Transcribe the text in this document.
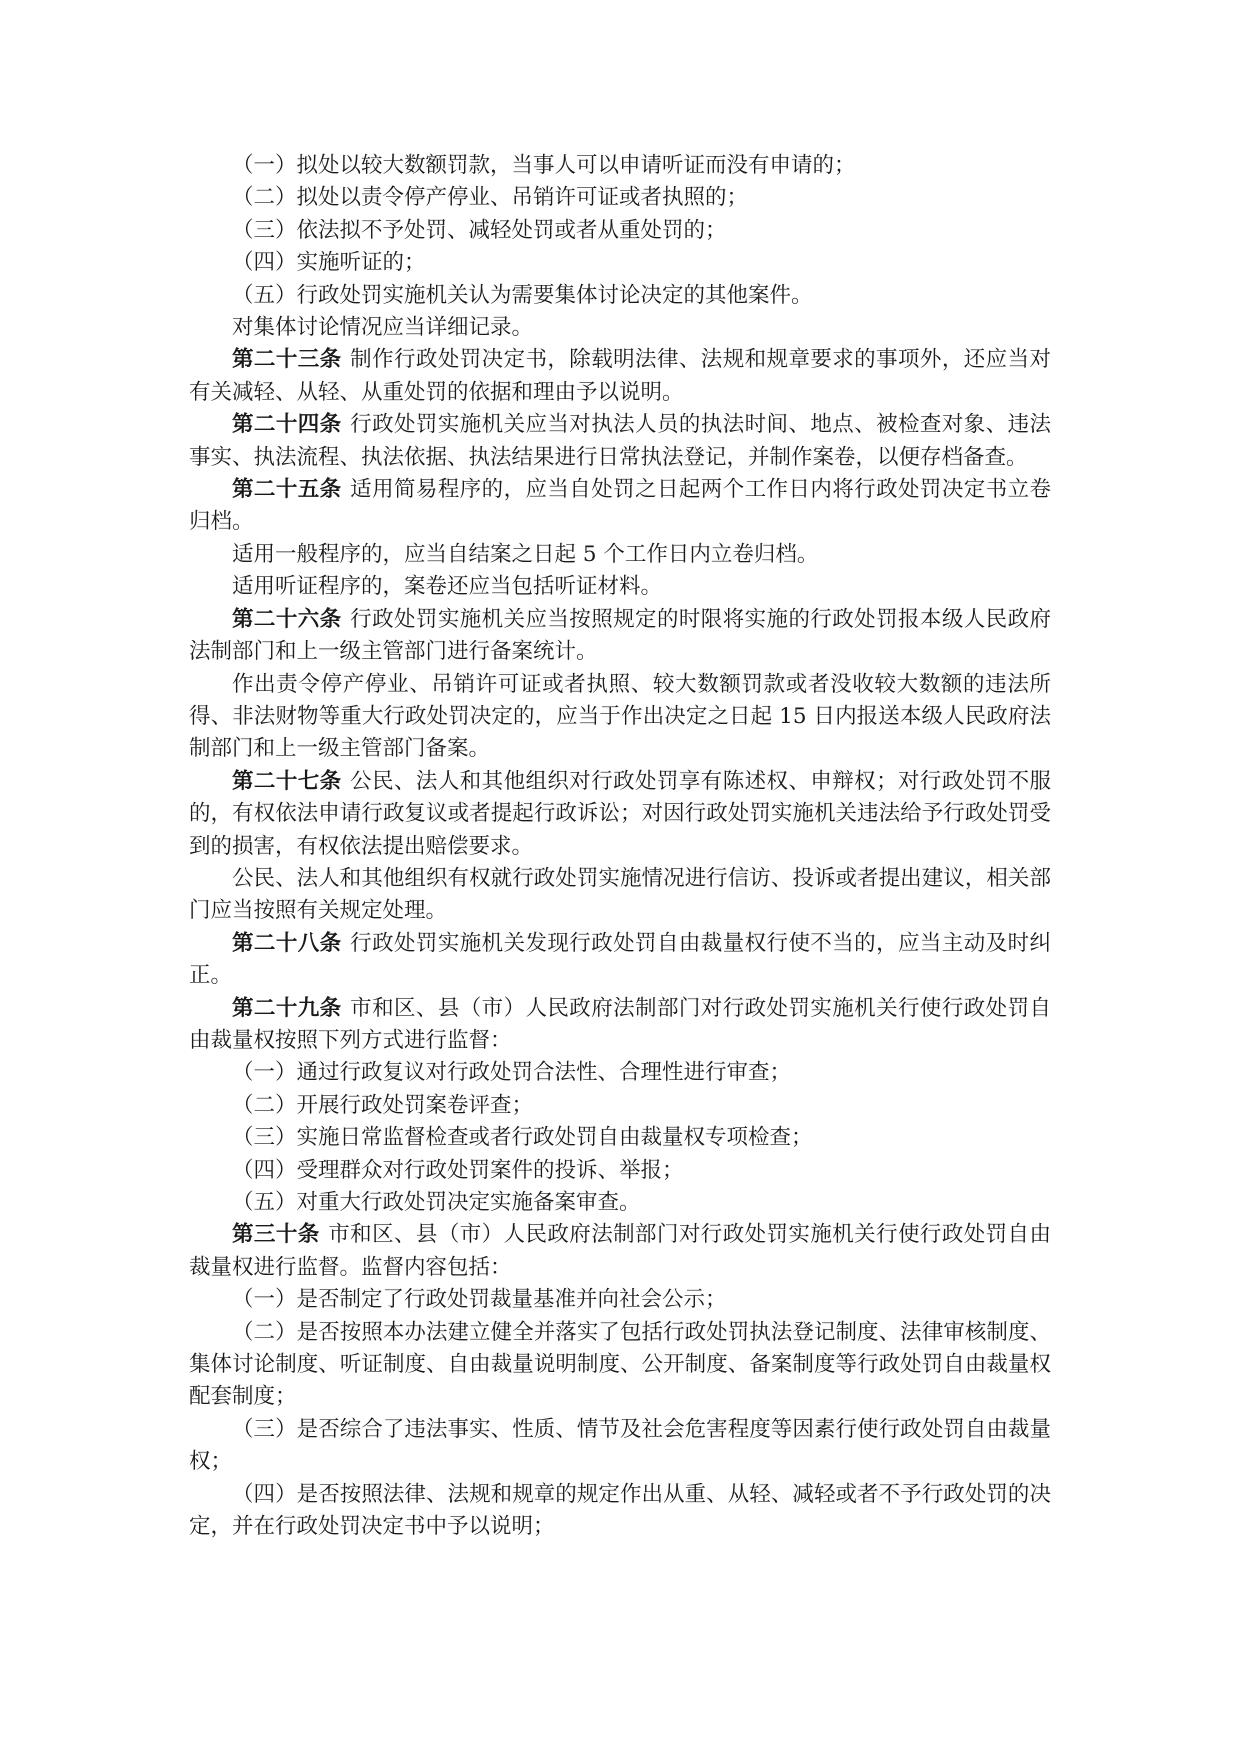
（一）拟处以较大数额罚款，当事人可以申请听证而没有申请的；

（二）拟处以责令停产停业、吊销许可证或者执照的；

（三）依法拟不予处罚、减轻处罚或者从重处罚的；

（四）实施听证的；

（五）行政处罚实施机关认为需要集体讨论决定的其他案件。

对集体讨论情况应当详细记录。

第二十三条 制作行政处罚决定书，除载明法律、法规和规章要求的事项外，还应当对有关减轻、从轻、从重处罚的依据和理由予以说明。

第二十四条 行政处罚实施机关应当对执法人员的执法时间、地点、被检查对象、违法事实、执法流程、执法依据、执法结果进行日常执法登记，并制作案卷，以便存档备查。

第二十五条 适用简易程序的，应当自处罚之日起两个工作日内将行政处罚决定书立卷归档。

适用一般程序的，应当自结案之日起 5 个工作日内立卷归档。

适用听证程序的，案卷还应当包括听证材料。

第二十六条 行政处罚实施机关应当按照规定的时限将实施的行政处罚报本级人民政府法制部门和上一级主管部门进行备案统计。

作出责令停产停业、吊销许可证或者执照、较大数额罚款或者没收较大数额的违法所得、非法财物等重大行政处罚决定的，应当于作出决定之日起 15 日内报送本级人民政府法制部门和上一级主管部门备案。

第二十七条 公民、法人和其他组织对行政处罚享有陈述权、申辩权；对行政处罚不服的，有权依法申请行政复议或者提起行政诉讼；对因行政处罚实施机关违法给予行政处罚受到的损害，有权依法提出赔偿要求。

公民、法人和其他组织有权就行政处罚实施情况进行信访、投诉或者提出建议，相关部门应当按照有关规定处理。

第二十八条 行政处罚实施机关发现行政处罚自由裁量权行使不当的，应当主动及时纠正。

第二十九条 市和区、县（市）人民政府法制部门对行政处罚实施机关行使行政处罚自由裁量权按照下列方式进行监督：

（一）通过行政复议对行政处罚合法性、合理性进行审查；

（二）开展行政处罚案卷评查；

（三）实施日常监督检查或者行政处罚自由裁量权专项检查；

（四）受理群众对行政处罚案件的投诉、举报；

（五）对重大行政处罚决定实施备案审查。

第三十条 市和区、县（市）人民政府法制部门对行政处罚实施机关行使行政处罚自由裁量权进行监督。监督内容包括：

（一）是否制定了行政处罚裁量基准并向社会公示；

（二）是否按照本办法建立健全并落实了包括行政处罚执法登记制度、法律审核制度、集体讨论制度、听证制度、自由裁量说明制度、公开制度、备案制度等行政处罚自由裁量权配套制度；

（三）是否综合了违法事实、性质、情节及社会危害程度等因素行使行政处罚自由裁量权；

（四）是否按照法律、法规和规章的规定作出从重、从轻、减轻或者不予行政处罚的决定，并在行政处罚决定书中予以说明；
